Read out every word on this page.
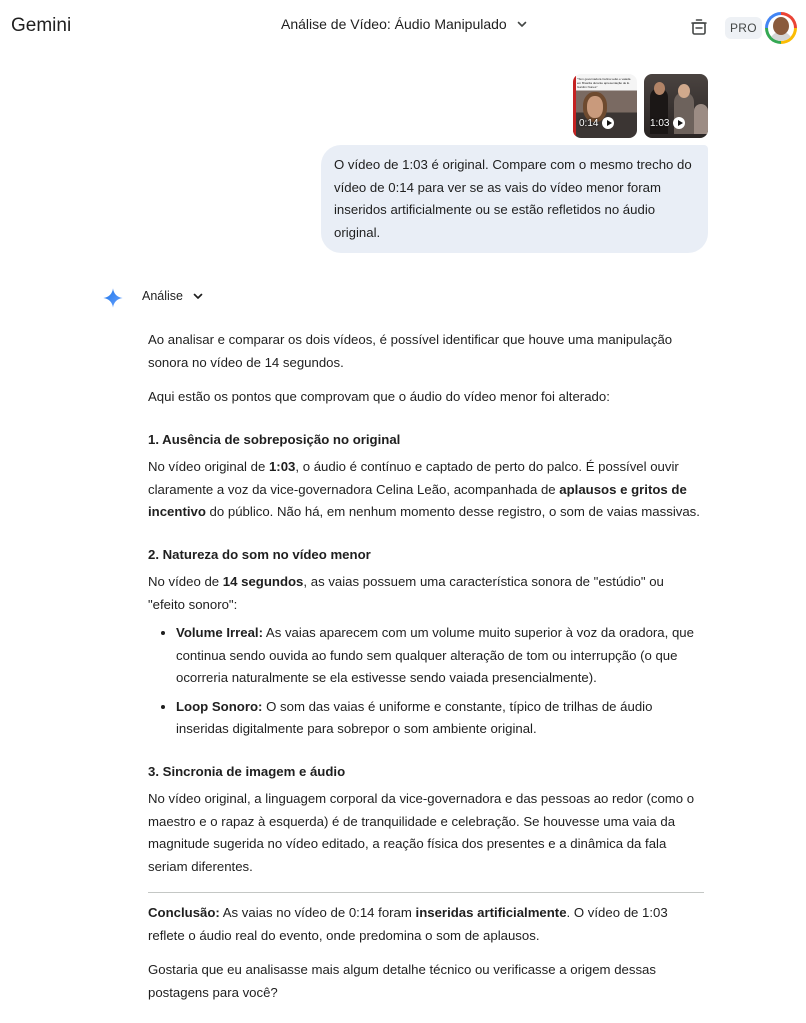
Gemini	Análise de Vídeo: Áudio Manipulado	PRO
"Tem governadora Celina Leão e vaiada em Brasília durante apresentação de E. Gardim Nunes"
0:14	1:03
O vídeo de 1:03 é original. Compare com o mesmo trecho do vídeo de 0:14 para ver se as vais do vídeo menor foram inseridos artificialmente ou se estão refletidos no áudio original.
Análise

Ao analisar e comparar os dois vídeos, é possível identificar que houve uma manipulação sonora no vídeo de 14 segundos.

Aqui estão os pontos que comprovam que o áudio do vídeo menor foi alterado:

1. Ausência de sobreposição no original

No vídeo original de 1:03, o áudio é contínuo e captado de perto do palco. É possível ouvir claramente a voz da vice-governadora Celina Leão, acompanhada de aplausos e gritos de incentivo do público. Não há, em nenhum momento desse registro, o som de vaias massivas.

2. Natureza do som no vídeo menor

No vídeo de 14 segundos, as vaias possuem uma característica sonora de "estúdio" ou "efeito sonoro":

• Volume Irreal: As vaias aparecem com um volume muito superior à voz da oradora, que continua sendo ouvida ao fundo sem qualquer alteração de tom ou interrupção (o que ocorreria naturalmente se ela estivesse sendo vaiada presencialmente).
• Loop Sonoro: O som das vaias é uniforme e constante, típico de trilhas de áudio inseridas digitalmente para sobrepor o som ambiente original.
3. Sincronia de imagem e áudio

No vídeo original, a linguagem corporal da vice-governadora e das pessoas ao redor (como o maestro e o rapaz à esquerda) é de tranquilidade e celebração. Se houvesse uma vaia da magnitude sugerida no vídeo editado, a reação física dos presentes e a dinâmica da fala seriam diferentes.

Conclusão: As vaias no vídeo de 0:14 foram inseridas artificialmente. O vídeo de 1:03 reflete o áudio real do evento, onde predomina o som de aplausos.

Gostaria que eu analisasse mais algum detalhe técnico ou verificasse a origem dessas postagens para você?
